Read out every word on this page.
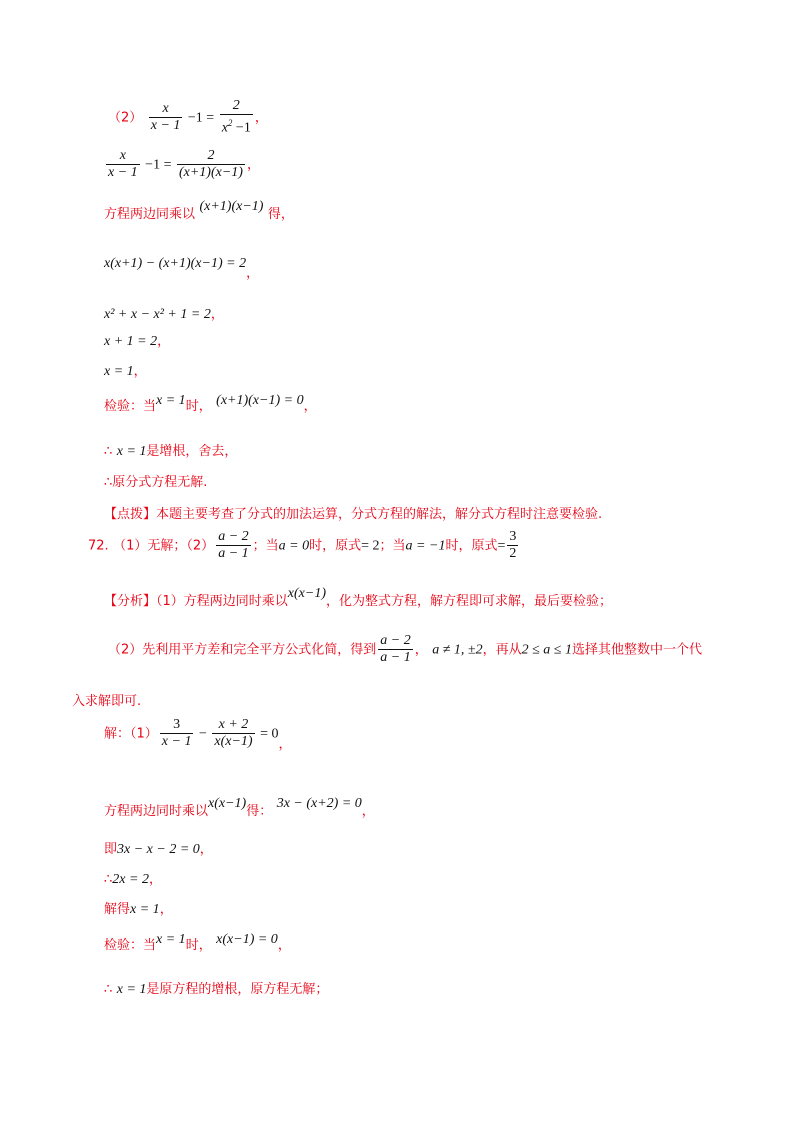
$(2) \frac{x}{x - 1} -1 = \frac{2}{x^2 -1}$ ，
$\frac{x}{x - 1} -1 = \frac{2}{(x+1)(x-1)}$ ，
方程两边同乘以 (x+1)(x−1) 得，
x(x+1) − (x+1)(x−1) = 2，
x² + x − x² + 1 = 2，
x + 1 = 2，
x = 1，
检验：当x = 1时， (x+1)(x−1) = 0，
∴ x = 1是增根，舍去，
∴原分式方程无解.
【点拨】本题主要考查了分式的加法运算，分式方程的解法，解分式方程时注意要检验.
72. （1）无解；$(2) \frac{a - 2}{a - 1}$ ；当a = 0时，原式= 2；当a = −1时，原式= $\frac{3}{2}$
【分析】（1）方程两边同时乘以x(x−1)，化为整式方程，解方程即可求解，最后要检验；
（2）先利用平方差和完全平方公式化简，得到 $\frac{a - 2}{a - 1}$ ， a ≠ 1, ±2，再从2 ≤ a ≤ 1选择其他整数中一个代
入求解即可.
解：$(1) \frac{3}{x - 1} - \frac{x + 2}{x(x-1)} = 0$，
方程两边同时乘以x(x−1)得： 3x − (x+2) = 0，
即3x − x − 2 = 0，
∴2x = 2，
解得x = 1，
检验：当x = 1时， x(x−1) = 0，
∴ x = 1是原方程的增根，原方程无解；
